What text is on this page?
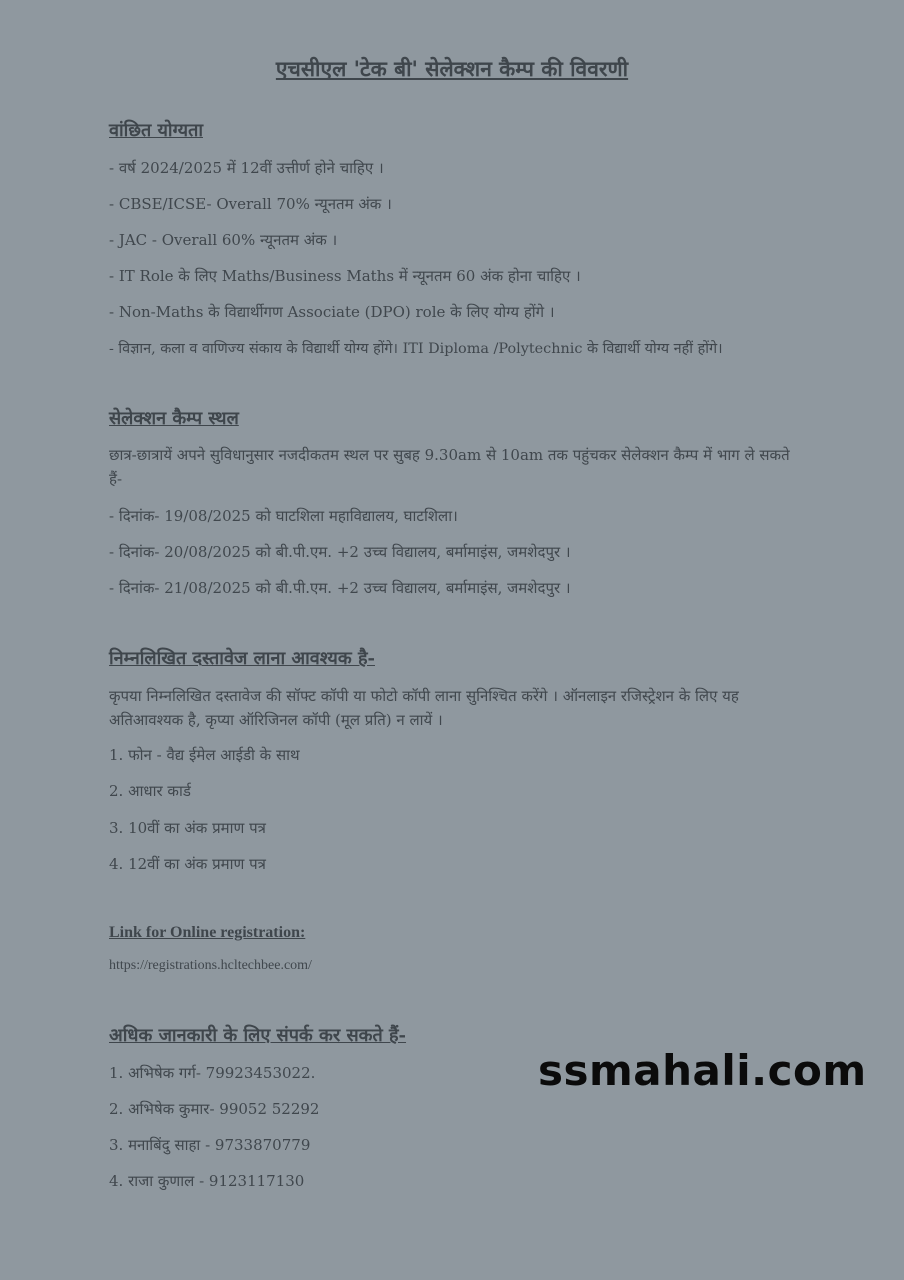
एचसीएल 'टेक बी' सेलेक्शन कैम्प की विवरणी
वांछित योग्यता

- वर्ष 2024/2025 में 12वीं उत्तीर्ण होने चाहिए ।

- CBSE/ICSE- Overall 70% न्यूनतम अंक ।

- JAC - Overall 60% न्यूनतम अंक ।

- IT Role के लिए Maths/Business Maths में न्यूनतम 60 अंक होना चाहिए ।

- Non-Maths के विद्यार्थीगण Associate (DPO) role के लिए योग्य होंगे ।

- विज्ञान, कला व वाणिज्य संकाय के विद्यार्थी योग्य होंगे। ITI Diploma /Polytechnic के विद्यार्थी योग्य नहीं होंगे।

सेलेक्शन कैम्प स्थल

छात्र-छात्रायें अपने सुविधानुसार नजदीकतम स्थल पर सुबह 9.30am से 10am तक पहुंचकर सेलेक्शन कैम्प में भाग ले सकते हैं-

- दिनांक- 19/08/2025 को घाटशिला महाविद्यालय, घाटशिला।

- दिनांक- 20/08/2025 को बी.पी.एम. +2 उच्च विद्यालय, बर्मामाइंस, जमशेदपुर ।

- दिनांक- 21/08/2025 को बी.पी.एम. +2 उच्च विद्यालय, बर्मामाइंस, जमशेदपुर ।

निम्नलिखित दस्तावेज लाना आवश्यक है-

कृपया निम्नलिखित दस्तावेज की सॉफ्ट कॉपी या फोटो कॉपी लाना सुनिश्चित करेंगे । ऑनलाइन रजिस्ट्रेशन के लिए यह अतिआवश्यक है, कृप्या ऑरिजिनल कॉपी (मूल प्रति) न लायें ।

1. फोन - वैद्य ईमेल आईडी के साथ

2. आधार कार्ड

3. 10वीं का अंक प्रमाण पत्र

4. 12वीं का अंक प्रमाण पत्र

Link for Online registration:

https://registrations.hcltechbee.com/

अधिक जानकारी के लिए संपर्क कर सकते हैं-

1. अभिषेक गर्ग- 79923453022.

2. अभिषेक कुमार- 99052 52292

3. मनाबिंदु साहा - 9733870779

4. राजा कुणाल - 9123117130

ssmahali.com
